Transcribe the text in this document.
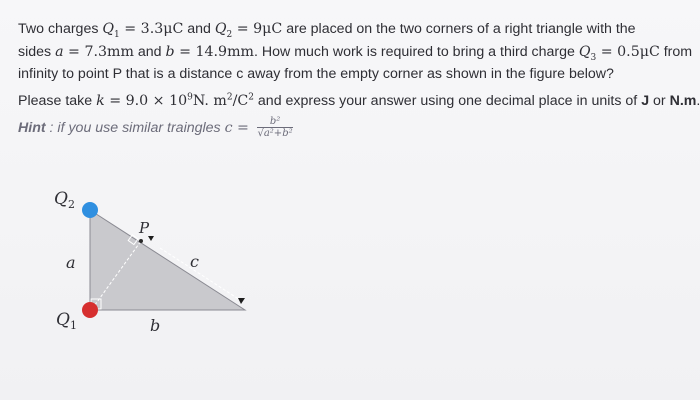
Two charges $Q_1 = 3.3\mu C$ and $Q_2 = 9\mu C$ are placed on the two corners of a right triangle with the
sides a = 7.3mm and b = 14.9mm. How much work is required to bring a third charge $Q_3 = 0.5\mu C$ from
infinity to point P that is a distance c away from the empty corner as shown in the figure below?
Please take $k = 9.0 \times 10^9N$. $m^2/C^2$ and express your answer using one decimal place in units of J or N.m.
Hint : if you use similar traingles $c = \frac{\text{b²}}{\text{√a²+b²}}$
$Q_2$
$Q_1$
a
b
c
P
